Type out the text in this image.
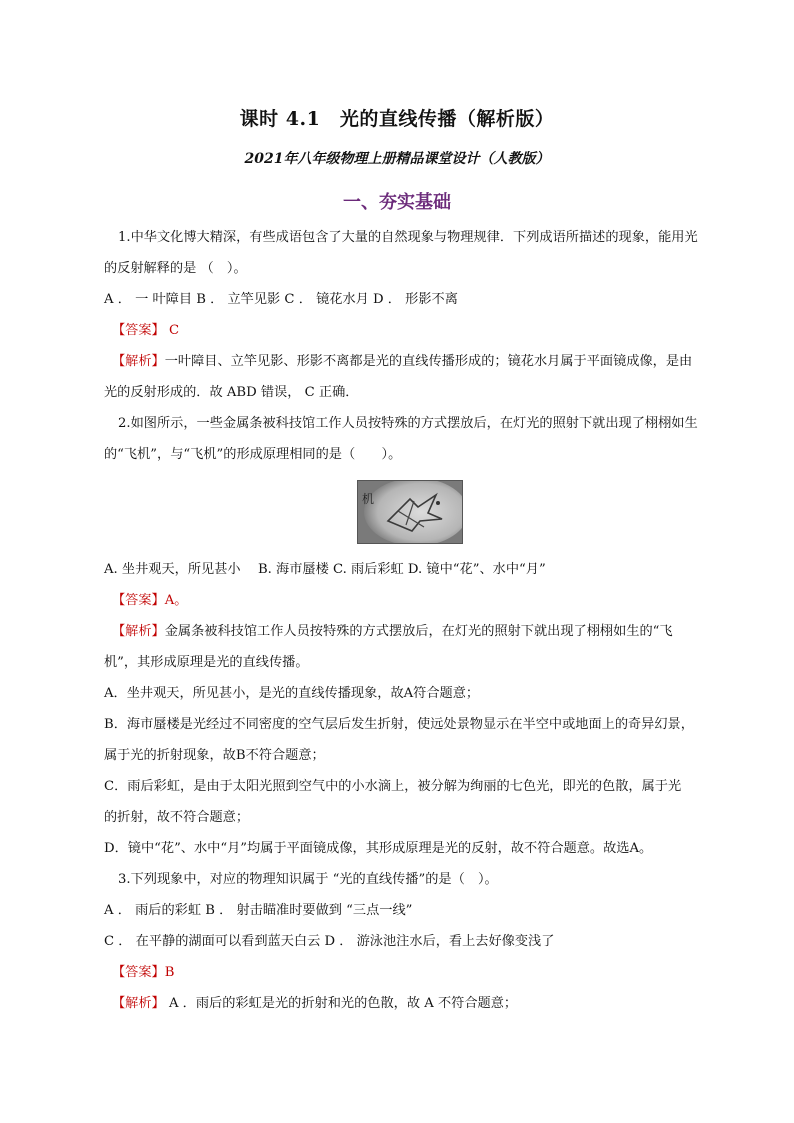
课时 4.1　光的直线传播（解析版）
2021年八年级物理上册精品课堂设计（人教版）
一、夯实基础
1.中华文化博大精深，有些成语包含了大量的自然现象与物理规律．下列成语所描述的现象，能用光
的反射解释的是 （　）。
A ． 一 叶障目 B ． 立竿见影 C ． 镜花水月 D ． 形影不离
【答案】 C
【解析】一叶障目、立竿见影、形影不离都是光的直线传播形成的；镜花水月属于平面镜成像，是由
光的反射形成的．故 ABD 错误， C 正确．
2.如图所示，一些金属条被科技馆工作人员按特殊的方式摆放后，在灯光的照射下就出现了栩栩如生
的“飞机”，与“飞机”的形成原理相同的是（　　）。
机
A. 坐井观天，所见甚小　 B. 海市蜃楼 C. 雨后彩虹 D. 镜中“花”、水中“月”
【答案】A。
【解析】金属条被科技馆工作人员按特殊的方式摆放后，在灯光的照射下就出现了栩栩如生的“飞
机”，其形成原理是光的直线传播。
A．坐井观天，所见甚小，是光的直线传播现象，故A符合题意；
B．海市蜃楼是光经过不同密度的空气层后发生折射，使远处景物显示在半空中或地面上的奇异幻景，
属于光的折射现象，故B不符合题意；
C．雨后彩虹，是由于太阳光照到空气中的小水滴上，被分解为绚丽的七色光，即光的色散，属于光
的折射，故不符合题意；
D．镜中“花”、水中“月”均属于平面镜成像，其形成原理是光的反射，故不符合题意。故选A。
3.下列现象中，对应的物理知识属于 “光的直线传播”的是（　）。
A ． 雨后的彩虹 B ． 射击瞄准时要做到 “三点一线”
C ． 在平静的湖面可以看到蓝天白云 D ． 游泳池注水后，看上去好像变浅了
【答案】B
【解析】 A ．雨后的彩虹是光的折射和光的色散，故 A 不符合题意；
